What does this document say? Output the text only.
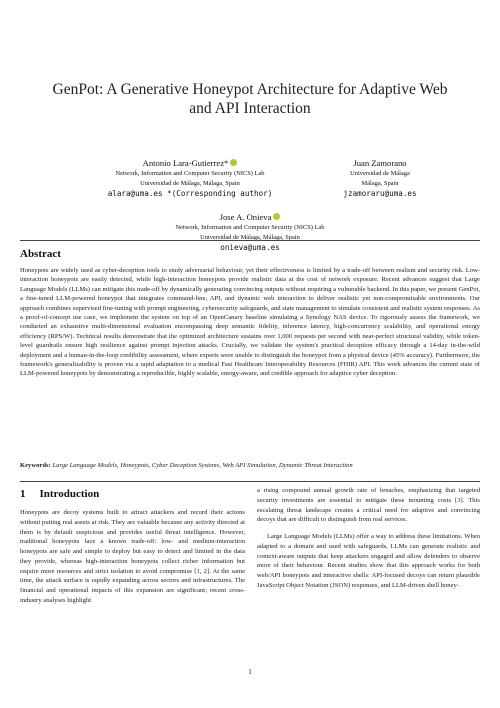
GenPot: A Generative Honeypot Architecture for Adaptive Web and API Interaction
Antonio Lara-Gutierrez*
Network, Information and Computer Security (NICS) Lab
Universidad de Málaga, Málaga, Spain
alara@uma.es *(Corresponding author)
Juan Zamorano
Universidad de Málaga
Málaga, Spain
jzamoraru@uma.es
Jose A. Onieva
Network, Information and Computer Security (NICS) Lab
Universidad de Málaga, Málaga, Spain
onieva@uma.es
Abstract
Honeypots are widely used as cyber-deception tools to study adversarial behaviour, yet their effectiveness is limited by a trade-off between realism and security risk. Low-interaction honeypots are easily detected, while high-interaction honeypots provide realistic data at the cost of network exposure. Recent advances suggest that Large Language Models (LLMs) can mitigate this trade-off by dynamically generating convincing outputs without requiring a vulnerable backend. In this paper, we present GenPot, a fine-tuned LLM-powered honeypot that integrates command-line, API, and dynamic web interaction to deliver realistic yet non-compromisable environments. Our approach combines supervised fine-tuning with prompt engineering, cybersecurity safeguards, and state management to simulate consistent and realistic system responses. As a proof-of-concept use case, we implement the system on top of an OpenCanary baseline simulating a Synology NAS device. To rigorously assess the framework, we conducted an exhaustive multi-dimensional evaluation encompassing deep semantic fidelity, inference latency, high-concurrency scalability, and operational energy efficiency (RPS/W). Technical results demonstrate that the optimized architecture sustains over 1,000 requests per second with near-perfect structural validity, while token-level guardrails ensure high resilience against prompt injection attacks. Crucially, we validate the system's practical deception efficacy through a 14-day in-the-wild deployment and a human-in-the-loop credibility assessment, where experts were unable to distinguish the honeypot from a physical device (45% accuracy). Furthermore, the framework's generalizability is proven via a rapid adaptation to a medical Fast Healthcare Interoperability Resources (FHIR) API. This work advances the current state of LLM-powered honeypots by demonstrating a reproducible, highly scalable, energy-aware, and credible approach for adaptive cyber deception.
Keywords: Large Language Models, Honeypots, Cyber Deception Systems, Web API Simulation, Dynamic Threat Interaction
1 Introduction
Honeypots are decoy systems built to attract attackers and record their actions without putting real assets at risk. They are valuable because any activity directed at them is by default suspicious and provides useful threat intelligence. However, traditional honeypots face a known trade-off: low- and medium-interaction honeypots are safe and simple to deploy but easy to detect and limited in the data they provide, whereas high-interaction honeypots collect richer information but require more resources and strict isolation to avoid compromise [1, 2]. At the same time, the attack surface is rapidly expanding across sectors and infrastructures. The financial and operational impacts of this expansion are significant; recent cross-industry analyses highlight

a rising compound annual growth rate of breaches, emphasizing that targeted security investments are essential to mitigate these mounting costs [3]. This escalating threat landscape creates a critical need for adaptive and convincing decoys that are difficult to distinguish from real services.

Large Language Models (LLMs) offer a way to address these limitations. When adapted to a domain and used with safeguards, LLMs can generate realistic and context-aware outputs that keep attackers engaged and allow defenders to observe more of their behaviour. Recent studies show that this approach works for both web/API honeypots and interactive shells: API-focused decoys can return plausible JavaScript Object Notation (JSON) responses, and LLM-driven shell honey-

1
